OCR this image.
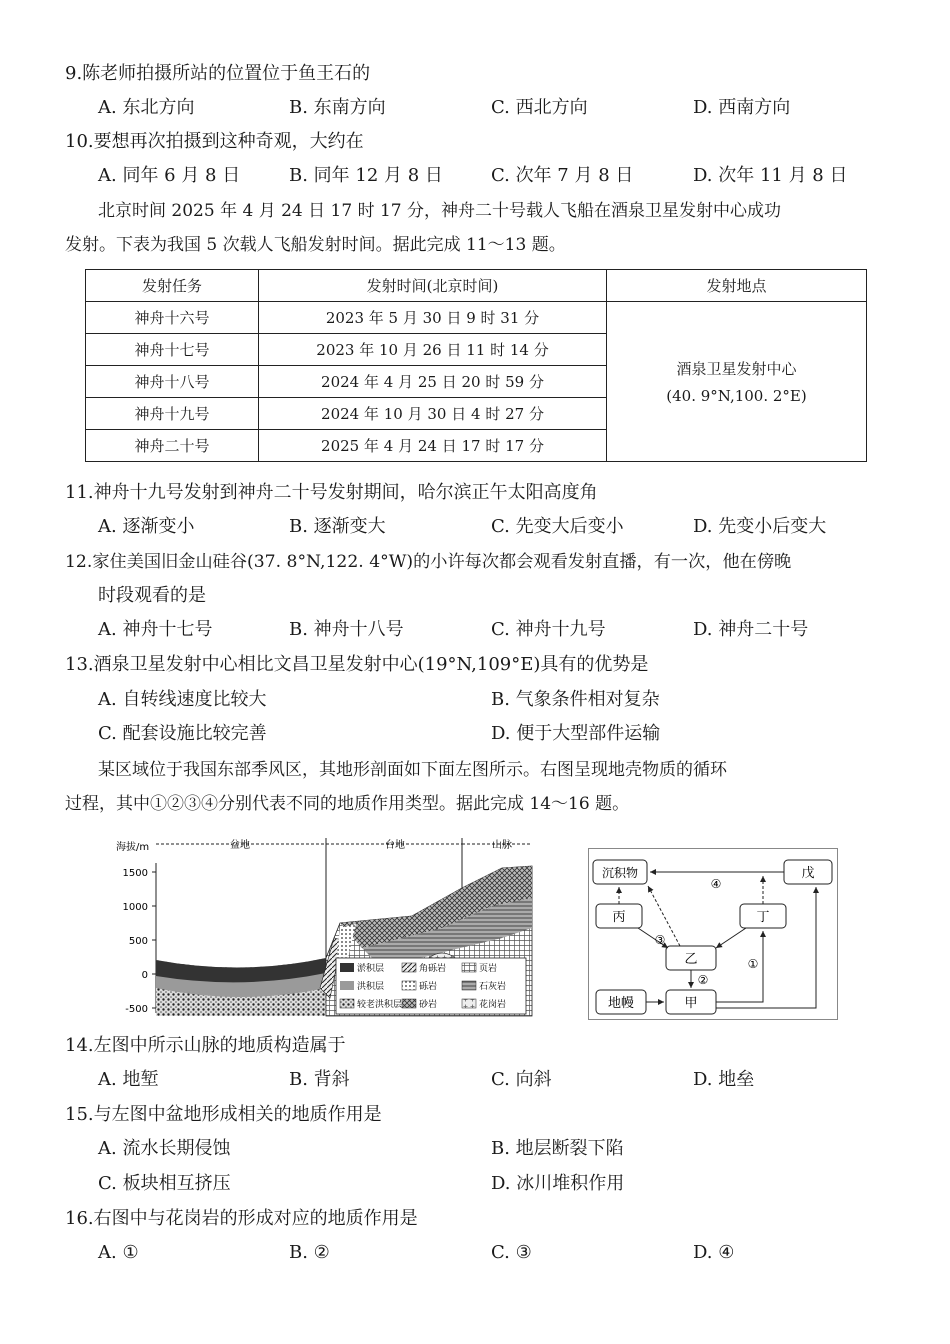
9.陈老师拍摄所站的位置位于鱼王石的
A. 东北方向	B. 东南方向	C. 西北方向	D. 西南方向
10.要想再次拍摄到这种奇观，大约在
A. 同年 6 月 8 日	B. 同年 12 月 8 日	C. 次年 7 月 8 日	D. 次年 11 月 8 日
北京时间 2025 年 4 月 24 日 17 时 17 分，神舟二十号载人飞船在酒泉卫星发射中心成功
发射。下表为我国 5 次载人飞船发射时间。据此完成 11～13 题。
发射任务	发射时间(北京时间)	发射地点
神舟十六号	2023 年 5 月 30 日 9 时 31 分	酒泉卫星发射中心
(40. 9°N,100. 2°E)

神舟十七号	2023 年 10 月 26 日 11 时 14 分	
神舟十八号	2024 年 4 月 25 日 20 时 59 分	
神舟十九号	2024 年 10 月 30 日 4 时 27 分	
神舟二十号	2025 年 4 月 24 日 17 时 17 分	
11.神舟十九号发射到神舟二十号发射期间，哈尔滨正午太阳高度角
A. 逐渐变小	B. 逐渐变大	C. 先变大后变小	D. 先变小后变大
12.家住美国旧金山硅谷(37. 8°N,122. 4°W)的小许每次都会观看发射直播，有一次，他在傍晚
时段观看的是
A. 神舟十七号	B. 神舟十八号	C. 神舟十九号	D. 神舟二十号
13.酒泉卫星发射中心相比文昌卫星发射中心(19°N,109°E)具有的优势是
A. 自转线速度比较大	B. 气象条件相对复杂
C. 配套设施比较完善	D. 便于大型部件运输
某区域位于我国东部季风区，其地形剖面如下面左图所示。右图呈现地壳物质的循环
过程，其中①②③④分别代表不同的地质作用类型。据此完成 14～16 题。
海拔/m
1500
1000
500
0
-500
盆地	台地	山脉
淤积层	角砾岩	页岩
洪积层	砾岩	石灰岩
较老洪积层 砂岩	花岗岩
沉积物	戊
丙	丁
乙
甲
地幔
④
③
②
①
14.左图中所示山脉的地质构造属于
A. 地堑	B. 背斜	C. 向斜	D. 地垒
15.与左图中盆地形成相关的地质作用是
A. 流水长期侵蚀	B. 地层断裂下陷
C. 板块相互挤压	D. 冰川堆积作用
16.右图中与花岗岩的形成对应的地质作用是
A. ①	B. ②	C. ③	D. ④
